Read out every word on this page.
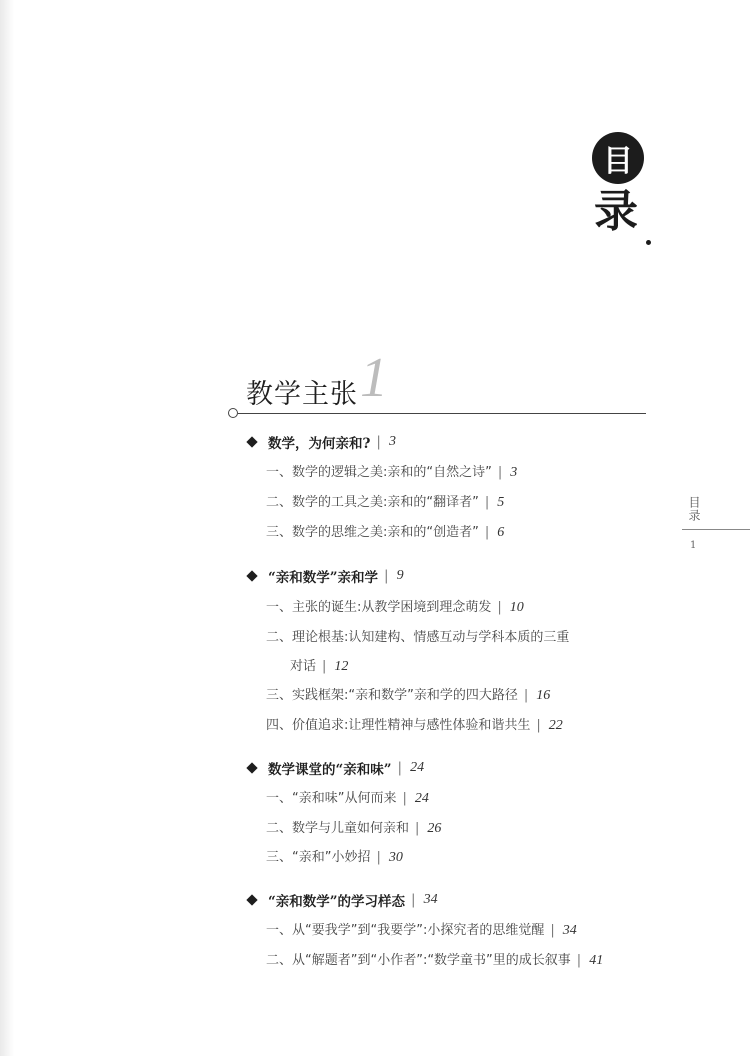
目
录
目录
1
教学主张 1
数学，为何亲和? | 3
一、数学的逻辑之美:亲和的“自然之诗” | 3
二、数学的工具之美:亲和的“翻译者” | 5
三、数学的思维之美:亲和的“创造者” | 6
“亲和数学”亲和学 | 9
一、主张的诞生:从教学困境到理念萌发 | 10
二、理论根基:认知建构、情感互动与学科本质的三重
对话 | 12
三、实践框架:“亲和数学”亲和学的四大路径 | 16
四、价值追求:让理性精神与感性体验和谐共生 | 22
数学课堂的“亲和味” | 24
一、“亲和味”从何而来 | 24
二、数学与儿童如何亲和 | 26
三、“亲和”小妙招 | 30
“亲和数学”的学习样态 | 34
一、从“要我学”到“我要学”:小探究者的思维觉醒 | 34
二、从“解题者”到“小作者”:“数学童书”里的成长叙事 | 41
